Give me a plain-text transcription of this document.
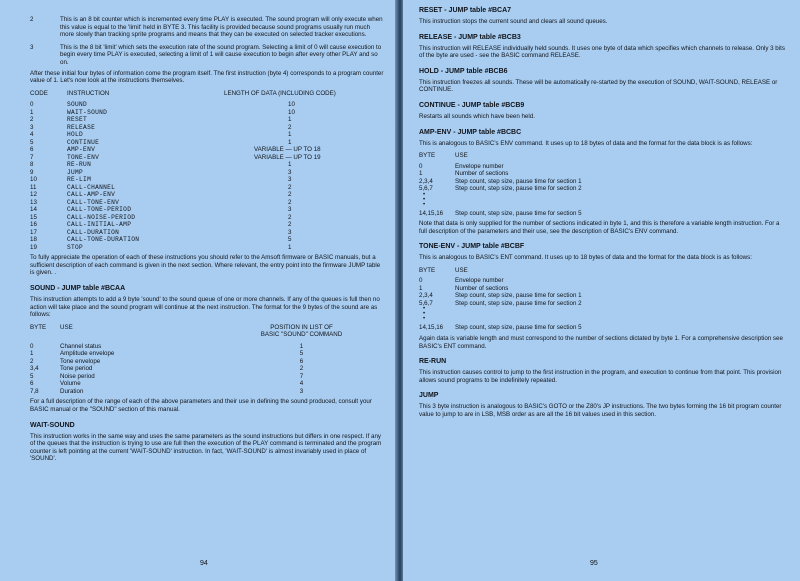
2	This is an 8 bit counter which is incremented every time PLAY is executed. The sound program will only execute when this value is equal to the 'limit' held in BYTE 3. This facility is provided because sound programs usually run much more slowly than tracking sprite programs and means that they can be executed on selected tracker executions.

3	This is the 8 bit 'limit' which sets the execution rate of the sound program. Selecting a limit of 0 will cause execution to begin every time PLAY is executed, selecting a limit of 1 will cause execution to begin after every other PLAY and so on.

After these initial four bytes of information come the program itself. The first instruction (byte 4) corresponds to a program counter value of 1. Let's now look at the instructions themselves.

CODE	INSTRUCTION	LENGTH OF DATA (INCLUDING CODE)
0	SOUND	10
1	WAIT-SOUND	10
2	RESET	1
3	RELEASE	2
4	HOLD	1
5	CONTINUE	1
6	AMP-ENV	VARIABLE — UP TO 18
7	TONE-ENV	VARIABLE — UP TO 19
8	RE-RUN	1
9	JUMP	3
10	RE-LIM	3
11	CALL-CHANNEL	2
12	CALL-AMP-ENV	2
13	CALL-TONE-ENV	2
14	CALL-TONE-PERIOD	3
15	CALL-NOISE-PERIOD	2
16	CALL-INITIAL-AMP	2
17	CALL-DURATION	3
18	CALL-TONE-DURATION	5
19	STOP	1

To fully appreciate the operation of each of these instructions you should refer to the Amsoft firmware or BASIC manuals, but a sufficient description of each command is given in the next section. Where relevant, the entry point into the firmware JUMP table is given. .

SOUND - JUMP table #BCAA

This instruction attempts to add a 9 byte 'sound' to the sound queue of one or more channels. If any of the queues is full then no action will take place and the sound program will continue at the next instruction. The format for the 9 bytes of the sound are as follows:

BYTE	USE	POSITION IN LIST OF
BASIC "SOUND" COMMAND
0	Channel status	1
1	Amplitude envelope	5
2	Tone envelope	6
3,4	Tone period	2
5	Noise period	7
6	Volume	4
7,8	Duration	3

For a full description of the range of each of the above parameters and their use in defining the sound produced, consult your BASIC manual or the "SOUND" section of this manual.

WAIT-SOUND

This instruction works in the same way and uses the same parameters as the sound instructions but differs in one respect. If any of the queues that the instruction is trying to use are full then the execution of the PLAY command is terminated and the program counter is left pointing at the current 'WAIT-SOUND' instruction. In fact, 'WAIT-SOUND' is almost invariably used in place of 'SOUND'.

94

RESET - JUMP table #BCA7

This instruction stops the current sound and clears all sound queues.

RELEASE - JUMP table #BCB3

This instruction will RELEASE individually held sounds. It uses one byte of data which specifies which channels to release. Only 3 bits of the byte are used - see the BASIC command RELEASE.

HOLD - JUMP table #BCB6

This instruction freezes all sounds. These will be automatically re-started by the execution of SOUND, WAIT-SOUND, RELEASE or CONTINUE.

CONTINUE - JUMP table #BCB9

Restarts all sounds which have been held.

AMP-ENV - JUMP table #BCBC

This is analogous to BASIC's ENV command. It uses up to 18 bytes of data and the format for the data block is as follows:

BYTE	USE
0	Envelope number
1	Number of sections
2,3,4	Step count, step size, pause time for section 1
5,6,7	Step count, step size, pause time for section 2
•
•
•
14,15,16	Step count, step size, pause time for section 5

Note that data is only supplied for the number of sections indicated in byte 1, and this is therefore a variable length instruction. For a full description of the parameters and their use, see the description of BASIC's ENV command.

TONE-ENV - JUMP table #BCBF

This is analogous to BASIC's ENT command. It uses up to 18 bytes of data and the format for the data block is as follows:

BYTE	USE
0	Envelope number
1	Number of sections
2,3,4	Step count, step size, pause time for section 1
5,6,7	Step count, step size, pause time for section 2
•
•
•
14,15,16	Step count, step size, pause time for section 5

Again data is variable length and must correspond to the number of sections dictated by byte 1. For a comprehensive description see BASIC's ENT command.

RE-RUN

This instruction causes control to jump to the first instruction in the program, and execution to continue from that point. This provision allows sound programs to be indefinitely repeated.

JUMP

This 3 byte instruction is analogous to BASIC's GOTO or the Z80's JP instructions. The two bytes forming the 16 bit program counter value to jump to are in LSB, MSB order as are all the 16 bit values used in this section.

95
